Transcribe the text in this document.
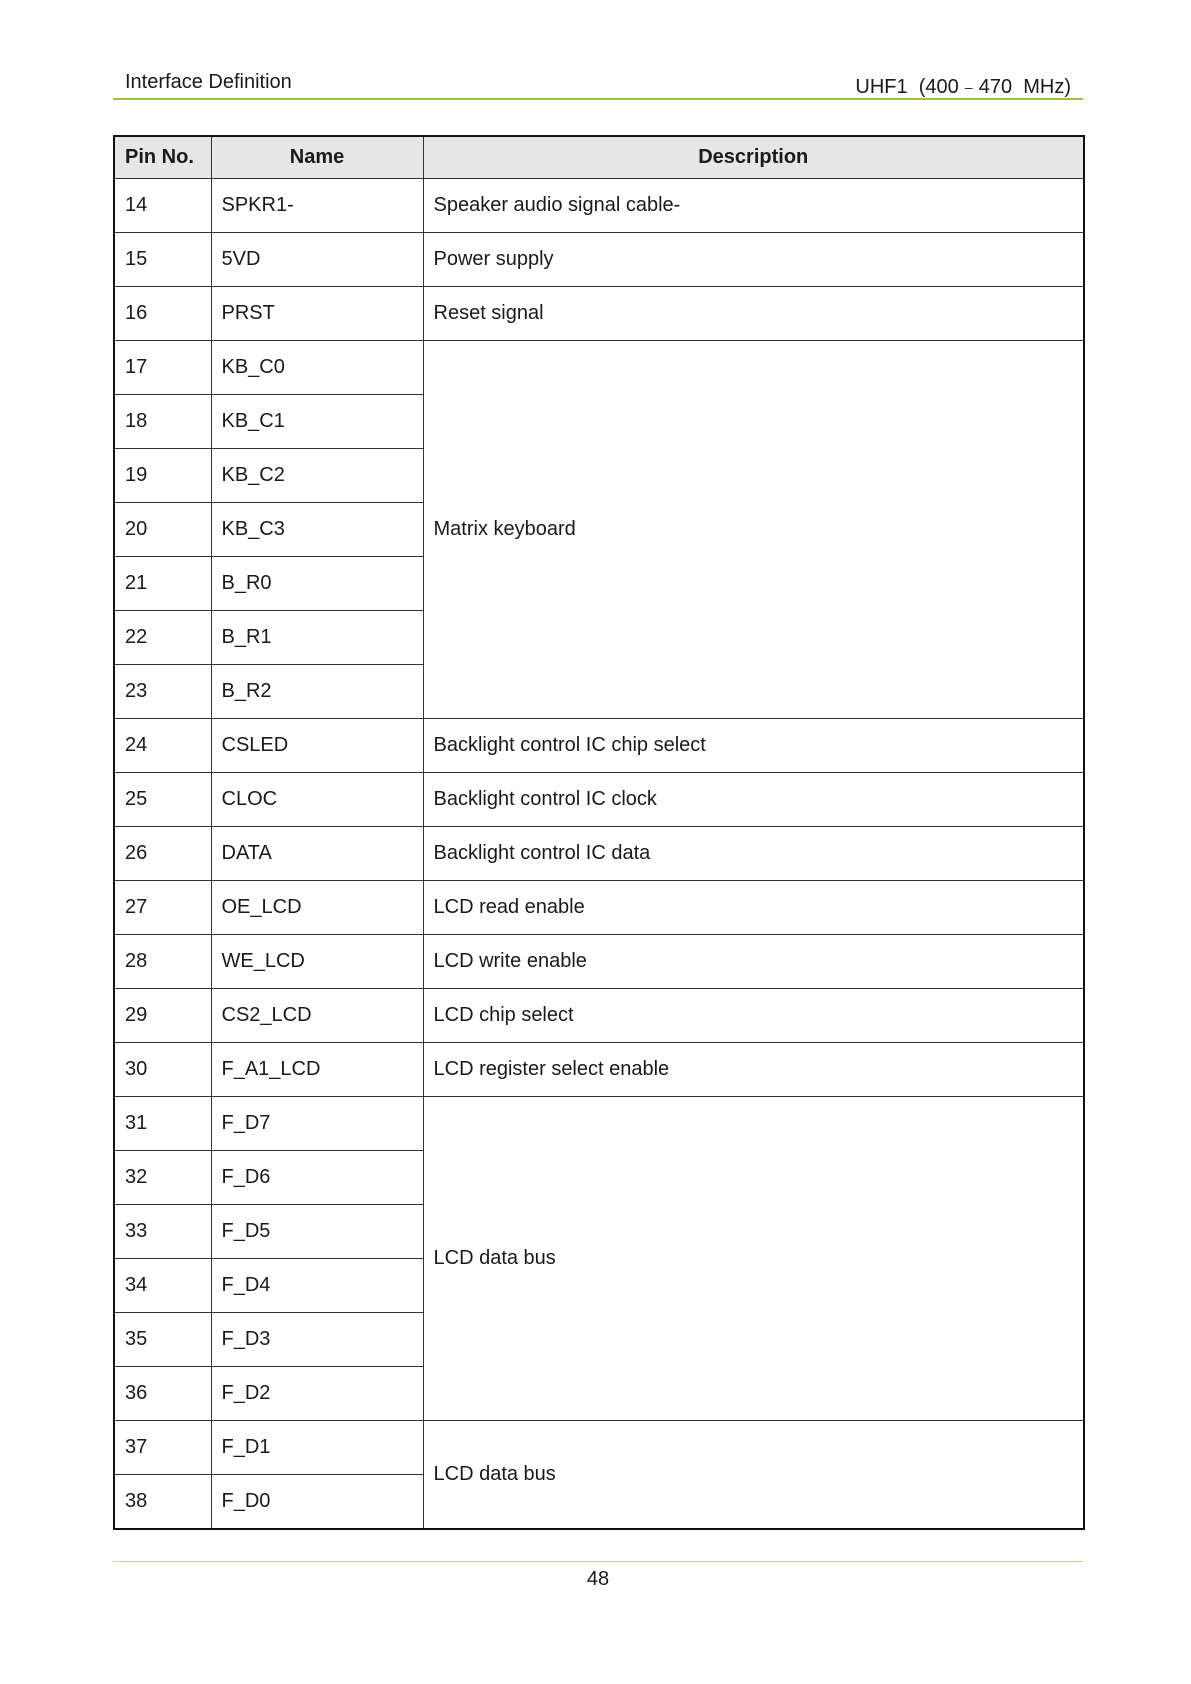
Interface Definition	UHF1  (400﹣470  MHz)
Pin No.	Name	Description
14	SPKR1-	Speaker audio signal cable-
15	5VD	Power supply
16	PRST	Reset signal
17	KB_C0	Matrix keyboard
18	KB_C1	
19	KB_C2	
20	KB_C3	
21	B_R0	
22	B_R1	
23	B_R2	
24	CSLED	Backlight control IC chip select
25	CLOC	Backlight control IC clock
26	DATA	Backlight control IC data
27	OE_LCD	LCD read enable
28	WE_LCD	LCD write enable
29	CS2_LCD	LCD chip select
30	F_A1_LCD	LCD register select enable
31	F_D7	LCD data bus
32	F_D6	
33	F_D5	
34	F_D4	
35	F_D3	
36	F_D2	
37	F_D1	LCD data bus
38	F_D0	
48
